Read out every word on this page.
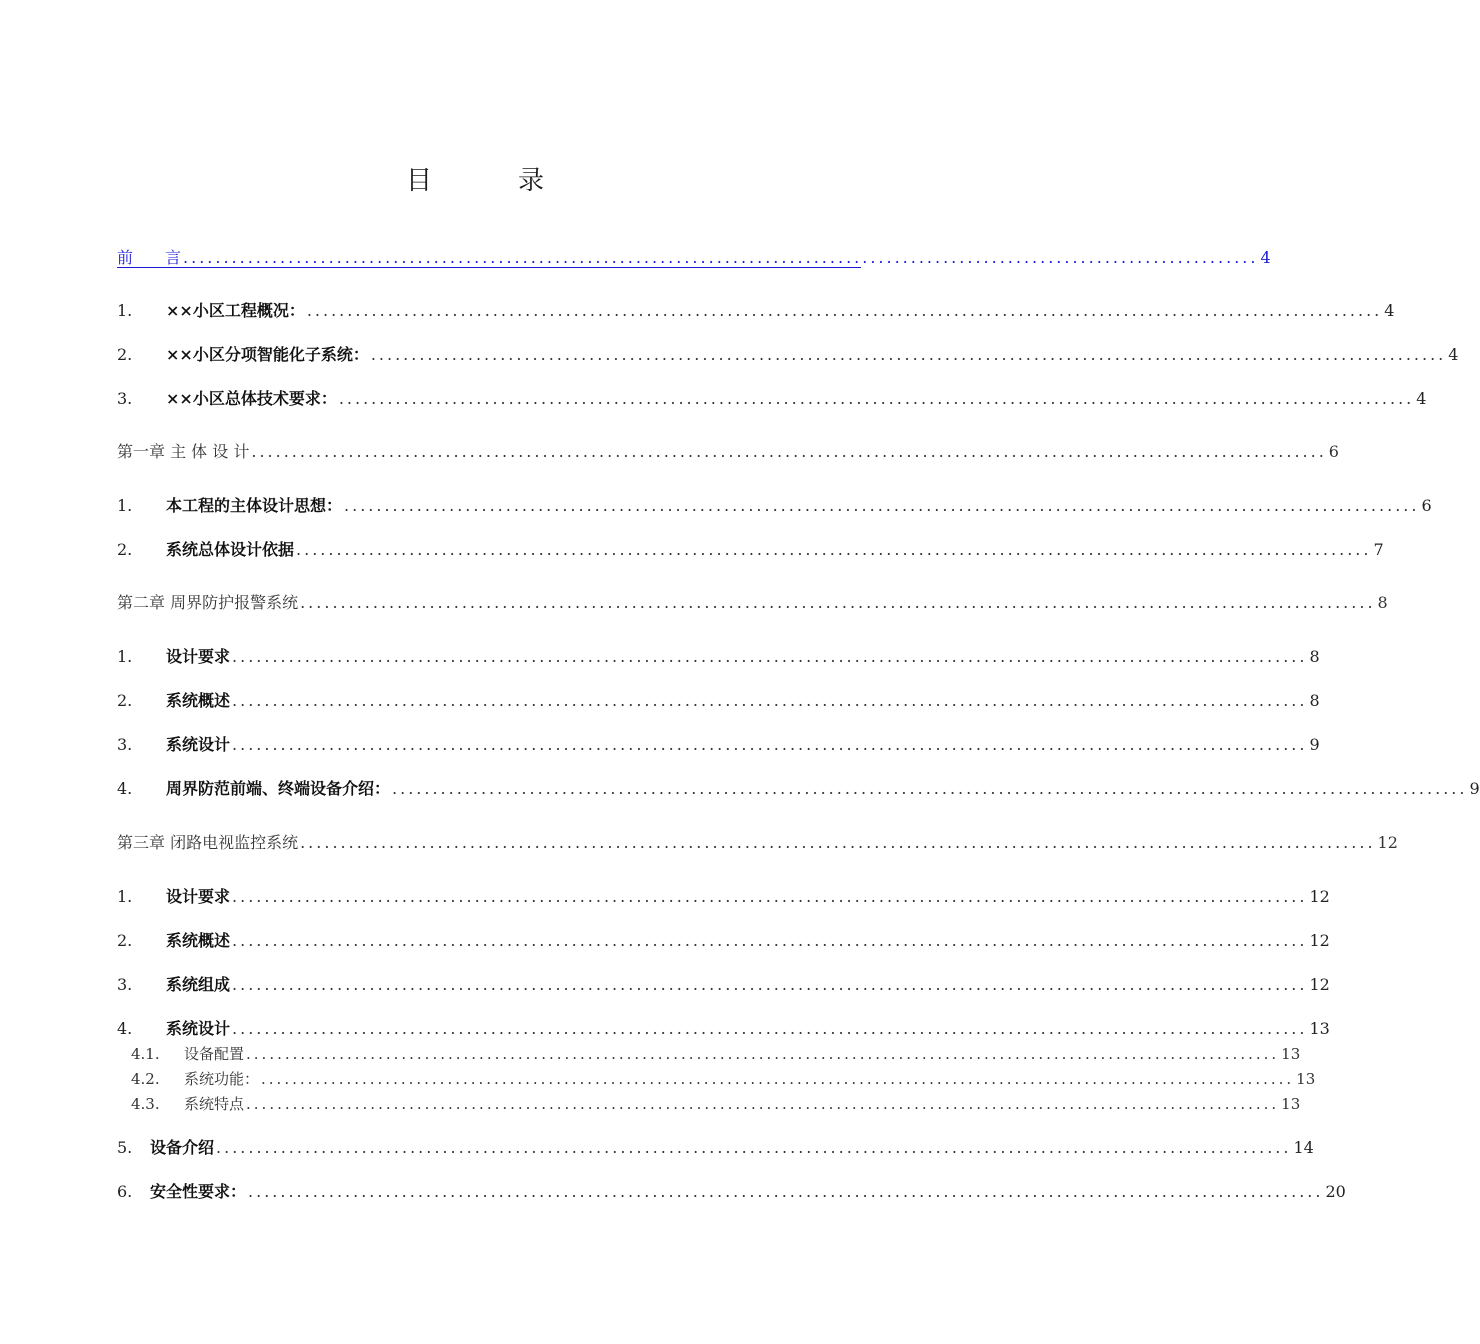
目　录
前　　言 ..................................................................................................................................... 4
1.	××小区工程概况： ..................................................................................................................................... 4
2.	××小区分项智能化子系统： ..................................................................................................................................... 4
3.	××小区总体技术要求： ..................................................................................................................................... 4
第一章 主 体 设 计 ..................................................................................................................................... 6
1.	本工程的主体设计思想： ..................................................................................................................................... 6
2.	系统总体设计依据 ..................................................................................................................................... 7
第二章 周界防护报警系统 ..................................................................................................................................... 8
1.	设计要求 ..................................................................................................................................... 8
2.	系统概述 ..................................................................................................................................... 8
3.	系统设计 ..................................................................................................................................... 9
4.	周界防范前端、终端设备介绍： ..................................................................................................................................... 9
第三章 闭路电视监控系统 ..................................................................................................................................... 12
1.	设计要求 ..................................................................................................................................... 12
2.	系统概述 ..................................................................................................................................... 12
3.	系统组成 ..................................................................................................................................... 12
4.	系统设计 ..................................................................................................................................... 13
4.1.	设备配置 ..................................................................................................................................... 13
4.2.	系统功能： ..................................................................................................................................... 13
4.3.	系统特点 ..................................................................................................................................... 13
5.	设备介绍 ..................................................................................................................................... 14
6.	安全性要求： ..................................................................................................................................... 20
